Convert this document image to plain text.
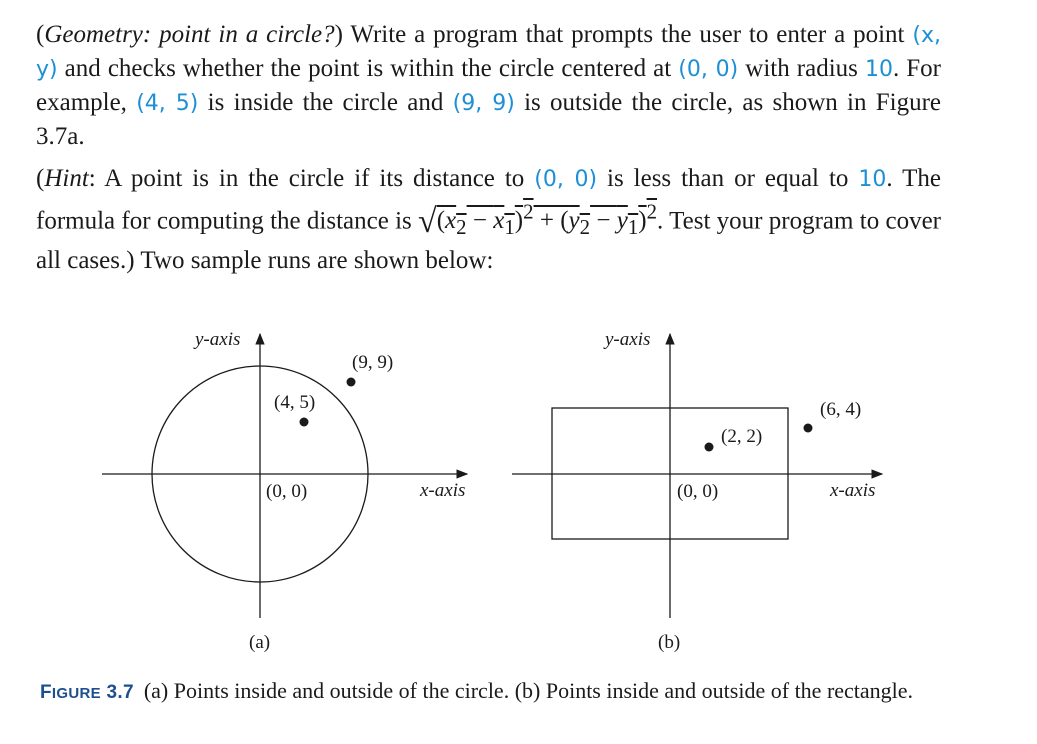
(Geometry: point in a circle?) Write a program that prompts the user to enter a point (x, y) and checks whether the point is within the circle centered at (0, 0) with radius 10. For example, (4, 5) is inside the circle and (9, 9) is outside the circle, as shown in Figure 3.7a.

(Hint: A point is in the circle if its distance to (0, 0) is less than or equal to 10. The formula for computing the distance is $√(x_2 - x_1)^2 + (y_2 - y_1)^2$. Test your program to cover all cases.) Two sample runs are shown below:

y-axis
x-axis
(0, 0)
(4, 5)
(9, 9)
(a)
y-axis
x-axis
(0, 0)
(2, 2)
(6, 4)
(b)

FIGURE 3.7 (a) Points inside and outside of the circle. (b) Points inside and outside of the rectangle.
